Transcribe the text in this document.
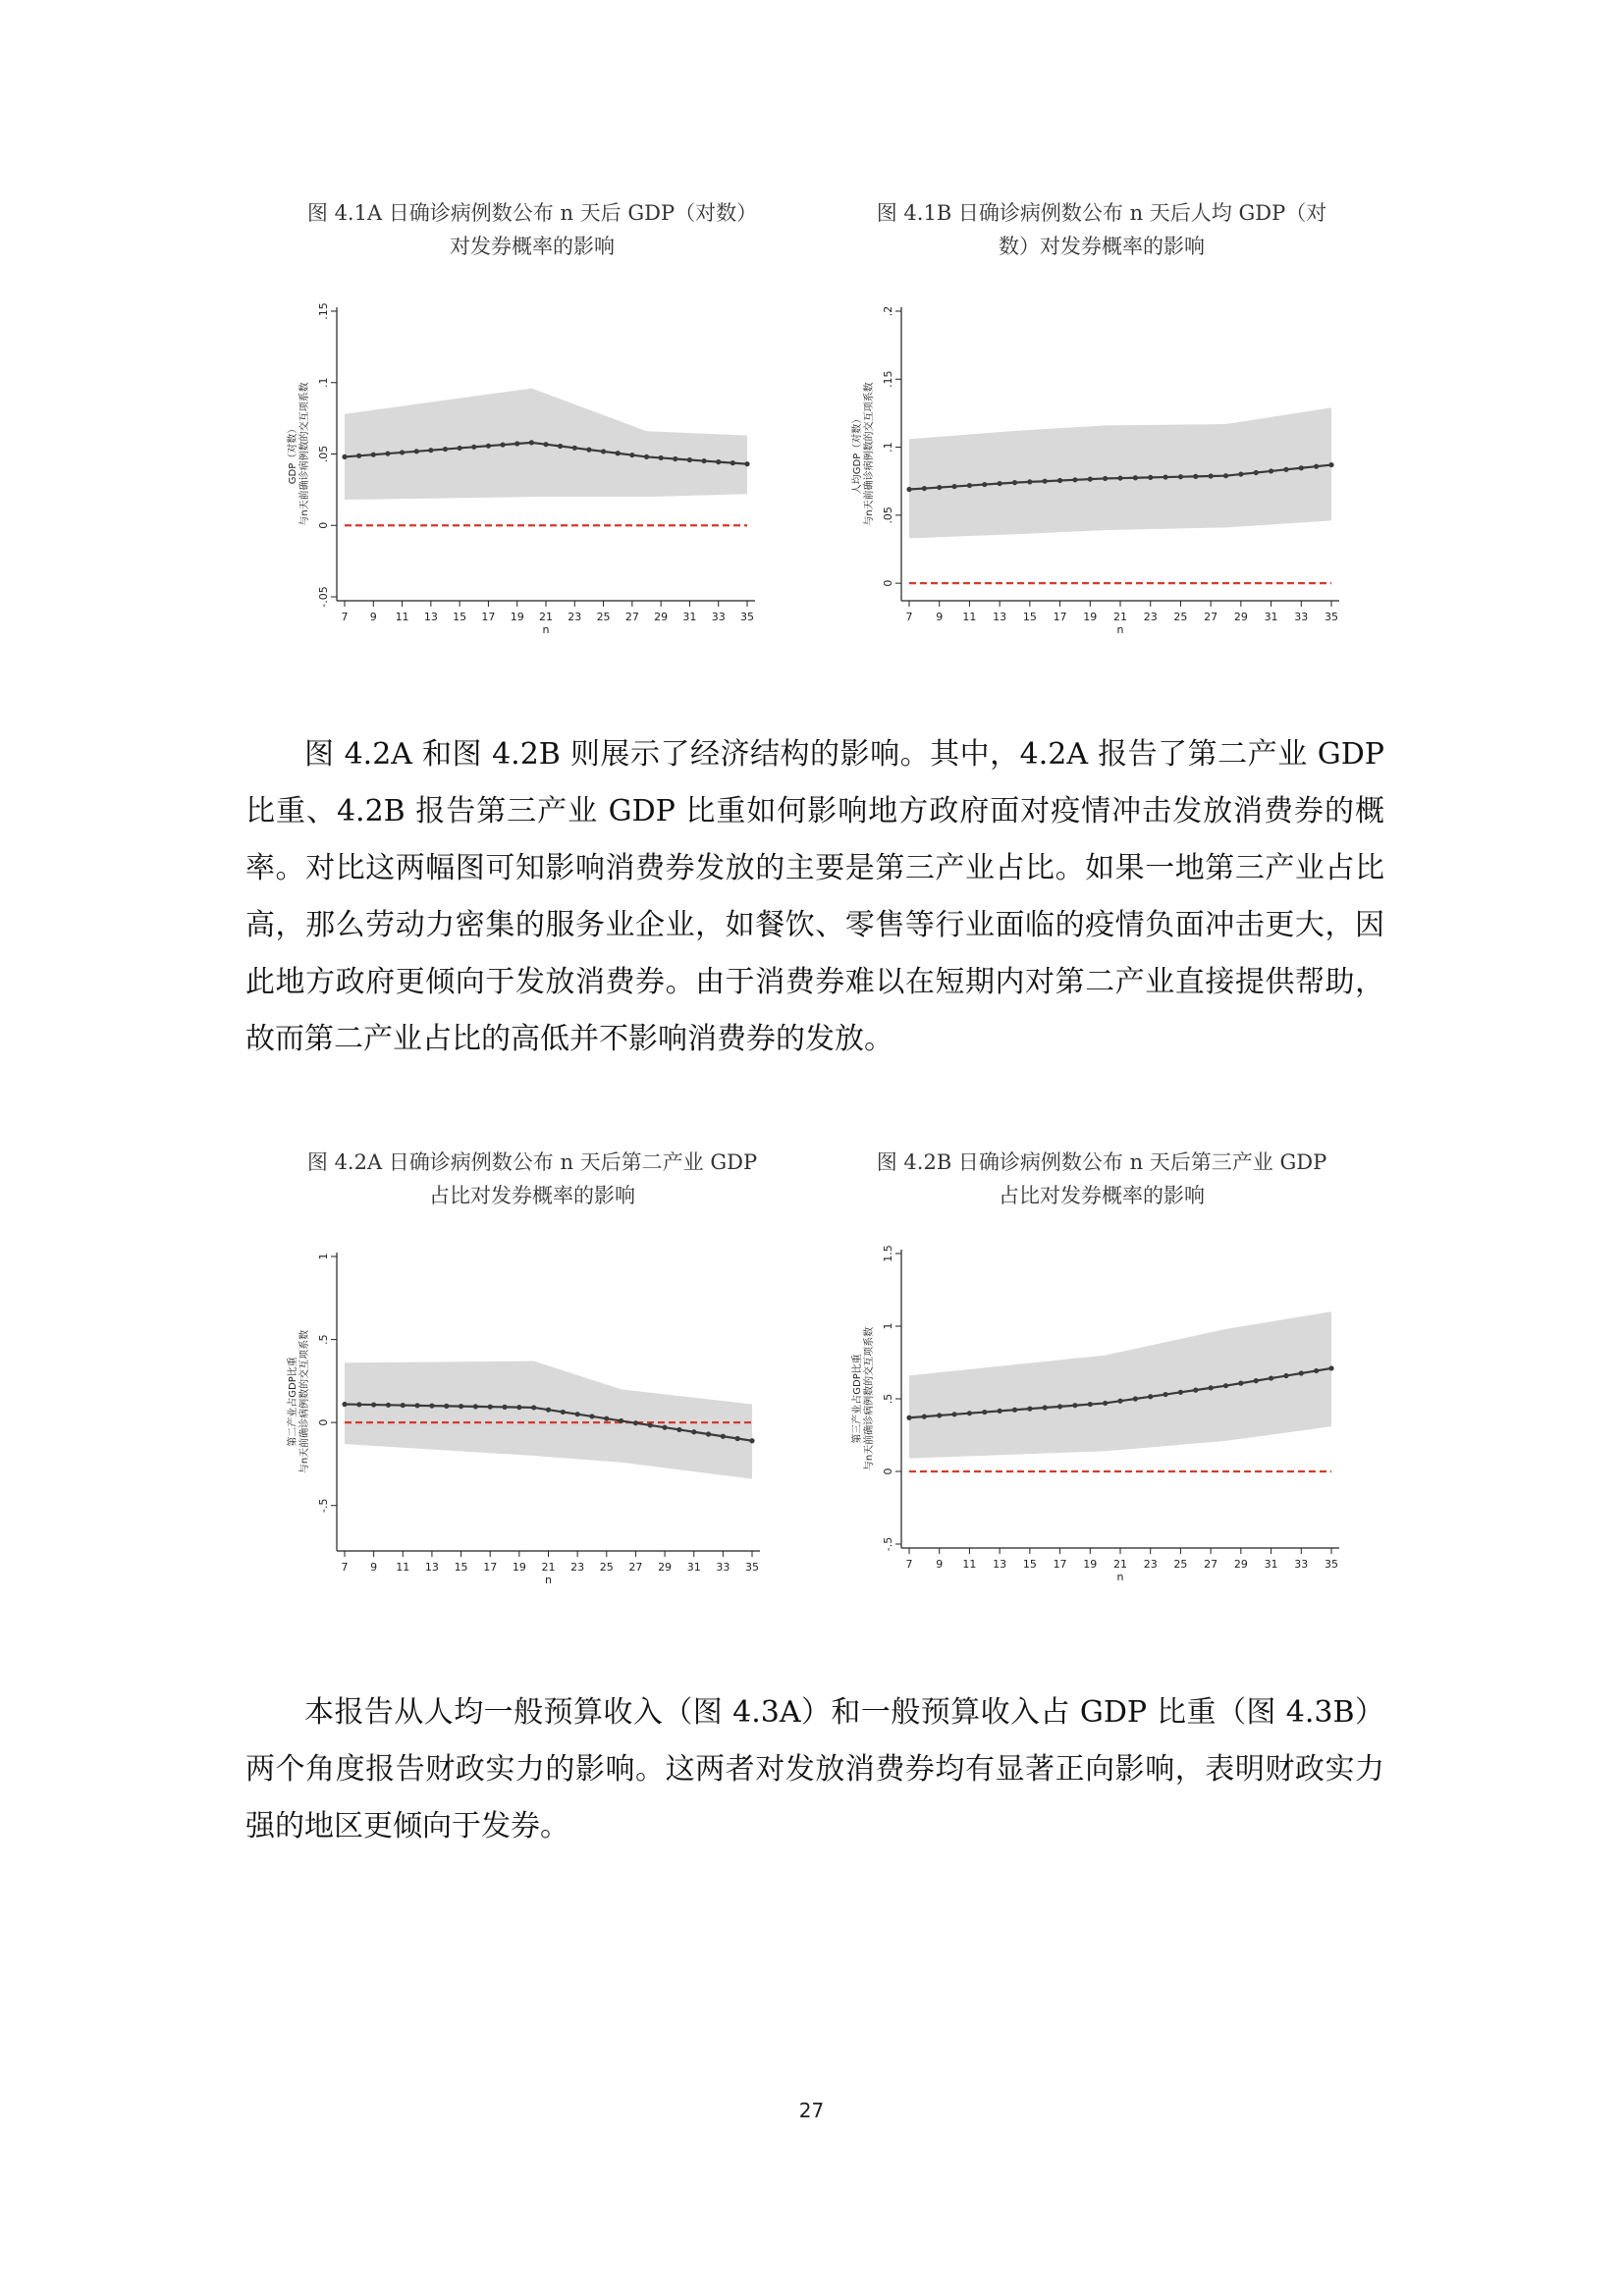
图 4.1A 日确诊病例数公布 n 天后 GDP（对数）
对发券概率的影响
图 4.1B 日确诊病例数公布 n 天后人均 GDP（对
数）对发券概率的影响
7 9 11 13 15 17 19 21 23 25 27 29 31 33 35
n
-.05
0
.05
.1
.15
GDP（对数） 与n天前确诊病例数的交互项系数
7 9 11 13 15 17 19 21 23 25 27 29 31 33 35
n
0
.05
.1
.15
.2
人均GDP（对数） 与n天前确诊病例数的交互项系数

图 4.2A 和图 4.2B 则展示了经济结构的影响。其中，4.2A 报告了第二产业 GDP 比重、4.2B 报告第三产业 GDP 比重如何影响地方政府面对疫情冲击发放消费券的概率。对比这两幅图可知影响消费券发放的主要是第三产业占比。如果一地第三产业占比高，那么劳动力密集的服务业企业，如餐饮、零售等行业面临的疫情负面冲击更大，因此地方政府更倾向于发放消费券。由于消费券难以在短期内对第二产业直接提供帮助，故而第二产业占比的高低并不影响消费券的发放。

图 4.2A 日确诊病例数公布 n 天后第二产业 GDP
占比对发券概率的影响
图 4.2B 日确诊病例数公布 n 天后第三产业 GDP
占比对发券概率的影响
7 9 11 13 15 17 19 21 23 25 27 29 31 33 35
n
-.5
0
.5
1
第二产业占GDP比重 与n天前确诊病例数的交互项系数
7 9 11 13 15 17 19 21 23 25 27 29 31 33 35
n
-.5
0
.5
1
1.5
第三产业占GDP比重 与n天前确诊病例数的交互项系数

本报告从人均一般预算收入（图 4.3A）和一般预算收入占 GDP 比重（图 4.3B）两个角度报告财政实力的影响。这两者对发放消费券均有显著正向影响，表明财政实力强的地区更倾向于发券。

27
